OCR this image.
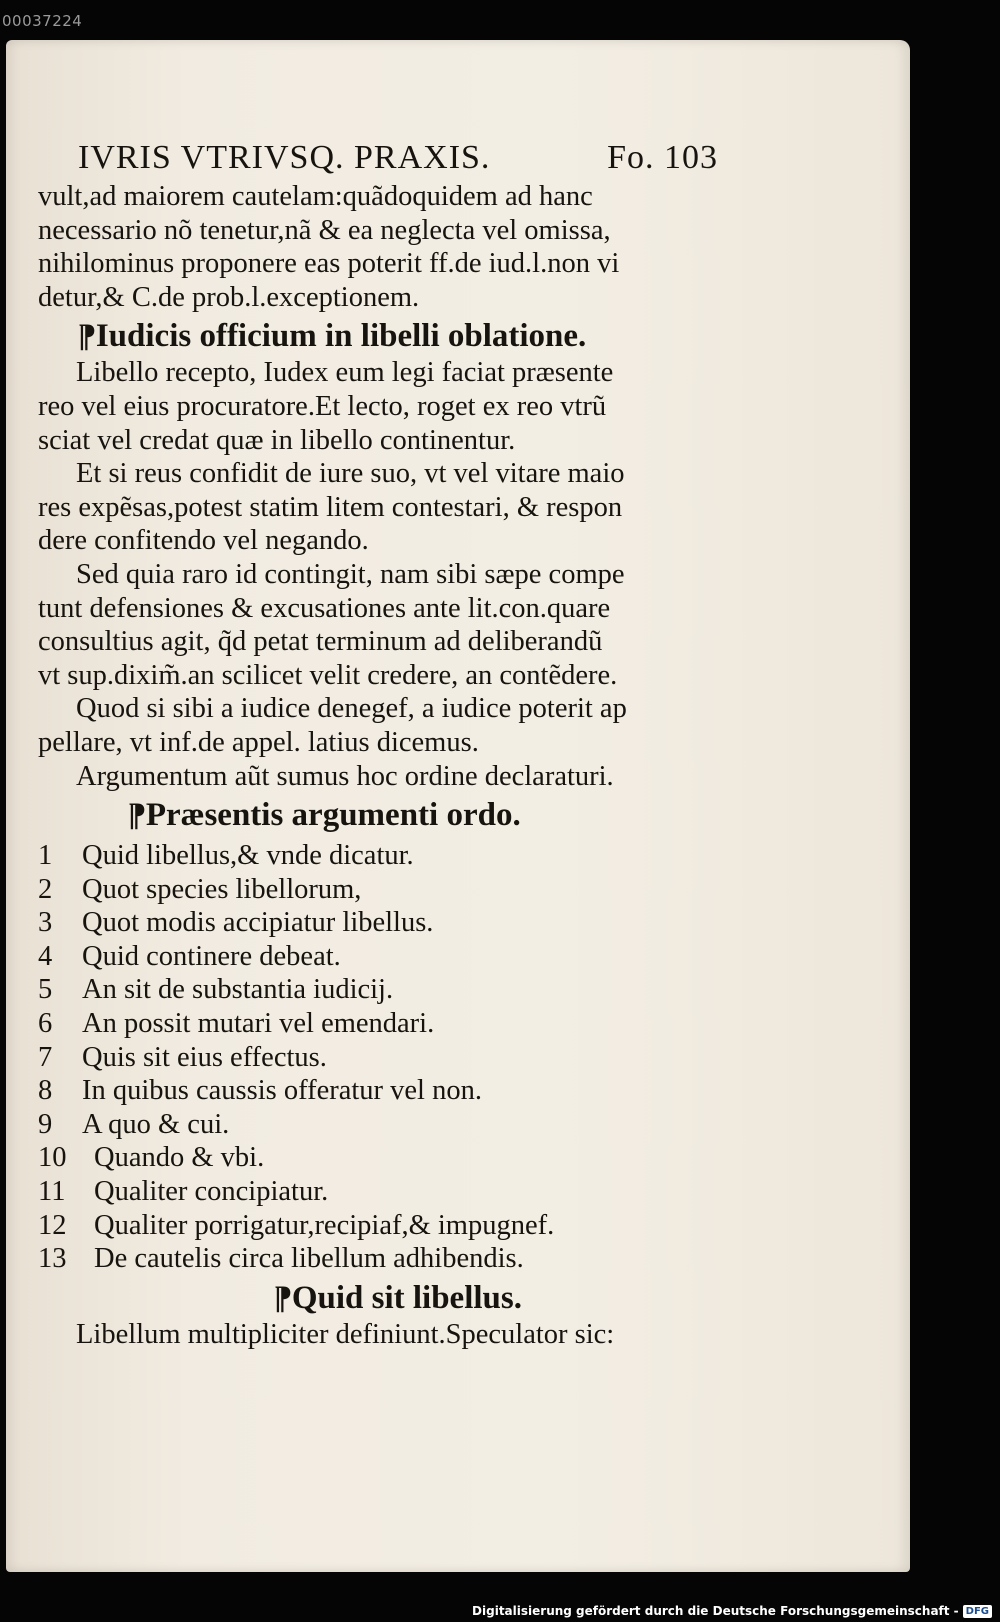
00037224
IVRIS VTRIVSQ. PRAXIS.	Fo. 103

vult,ad maiorem cautelam:quãdoquidem ad hanc

necessario nõ tenetur,nã & ea neglecta vel omissa,

nihilominus proponere eas poterit ff.de iud.l.non vi

detur,& C.de prob.l.exceptionem.

¶Iudicis officium in libelli oblatione.

Libello recepto, Iudex eum legi faciat præsente

reo vel eius procuratore.Et lecto, roget ex reo vtrũ

sciat vel credat quæ in libello continentur.

Et si reus confidit de iure suo, vt vel vitare maio

res expẽsas,potest statim litem contestari, & respon

dere confitendo vel negando.

Sed quia raro id contingit, nam sibi sæpe compe

tunt defensiones & excusationes ante lit.con.quare

consultius agit, q̃d petat terminum ad deliberandũ

vt sup.dixim̃.an scilicet velit credere, an contẽdere.

Quod si sibi a iudice denegef, a iudice poterit ap

pellare, vt inf.de appel. latius dicemus.

Argumentum aũt sumus hoc ordine declaraturi.

¶Præsentis argumenti ordo.
1	Quid libellus,& vnde dicatur.
2	Quot species libellorum,
3	Quot modis accipiatur libellus.
4	Quid continere debeat.
5	An sit de substantia iudicij.
6	An possit mutari vel emendari.
7	Quis sit eius effectus.
8	In quibus caussis offeratur vel non.
9	A quo & cui.
10 Quando & vbi.
11	Qualiter concipiatur.
12 Qualiter porrigatur,recipiaf,& impugnef.
13 De cautelis circa libellum adhibendis.
¶Quid sit libellus.

Libellum multipliciter definiunt.Speculator sic:

Digitalisierung gefördert durch die Deutsche Forschungsgemeinschaft - DFG
